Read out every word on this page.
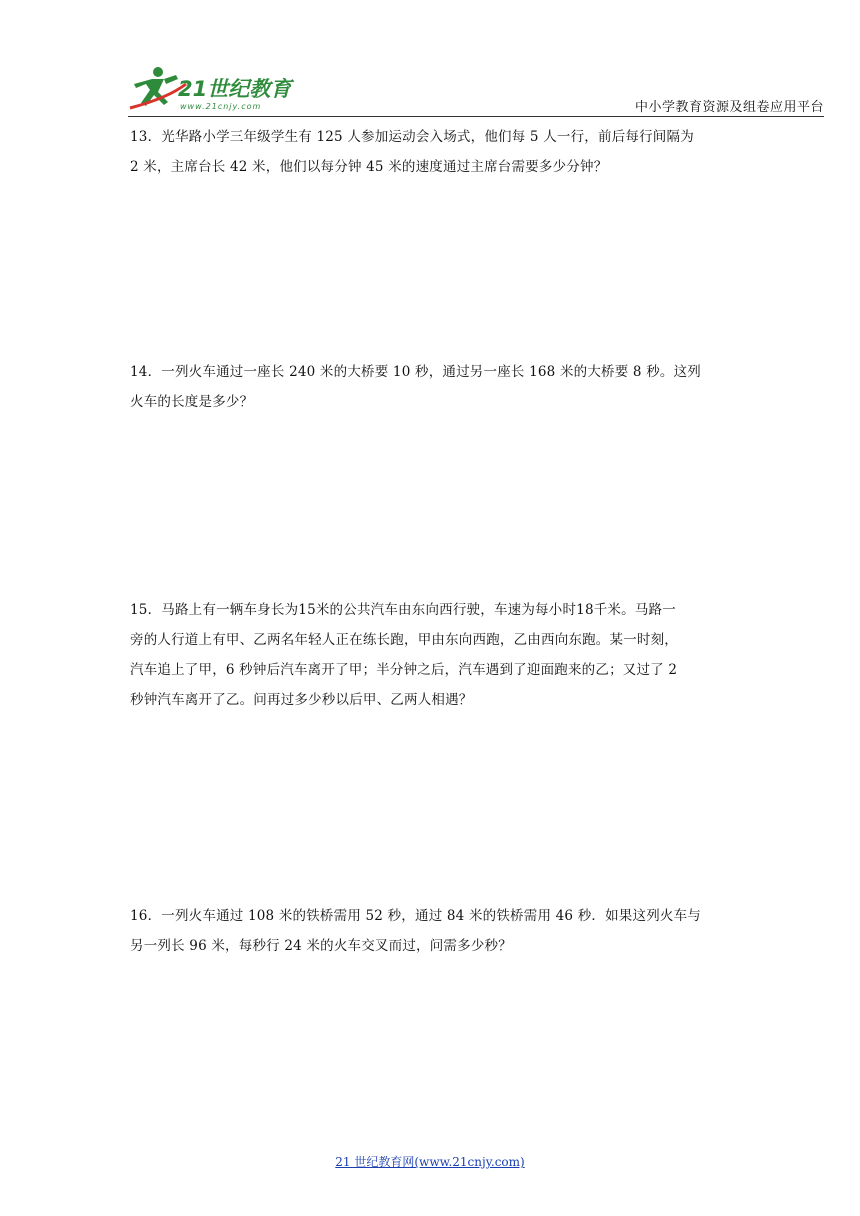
21世纪教育
www.21cnjy.com	中小学教育资源及组卷应用平台
13．光华路小学三年级学生有 125 人参加运动会入场式，他们每 5 人一行，前后每行间隔为
2 米，主席台长 42 米，他们以每分钟 45 米的速度通过主席台需要多少分钟？
14．一列火车通过一座长 240 米的大桥要 10 秒，通过另一座长 168 米的大桥要 8 秒。这列
火车的长度是多少？
15．马路上有一辆车身长为15米的公共汽车由东向西行驶，车速为每小时18千米。马路一
旁的人行道上有甲、乙两名年轻人正在练长跑，甲由东向西跑，乙由西向东跑。某一时刻，
汽车追上了甲，6 秒钟后汽车离开了甲；半分钟之后，汽车遇到了迎面跑来的乙；又过了 2
秒钟汽车离开了乙。问再过多少秒以后甲、乙两人相遇？
16．一列火车通过 108 米的铁桥需用 52 秒，通过 84 米的铁桥需用 46 秒．如果这列火车与
另一列长 96 米，每秒行 24 米的火车交叉而过，问需多少秒？
21 世纪教育网(www.21cnjy.com)
